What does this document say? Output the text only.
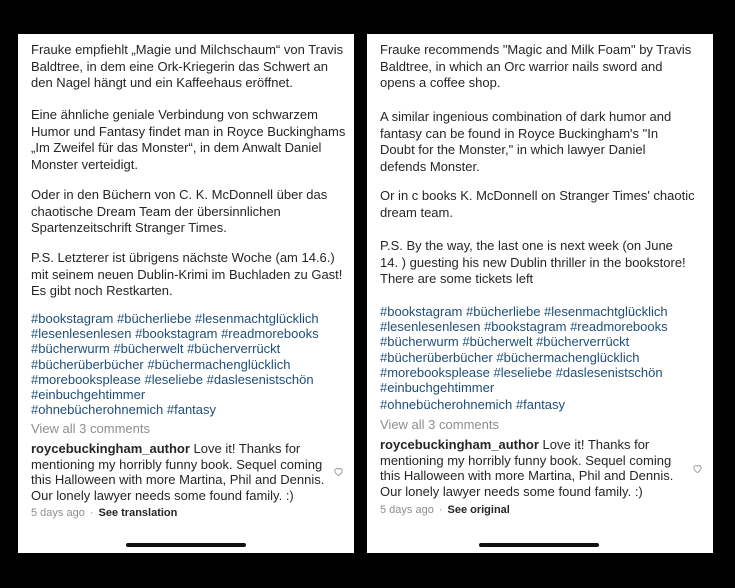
Frauke empfiehlt „Magie und Milchschaum“ von Travis
Baldtree, in dem eine Ork-Kriegerin das Schwert an
den Nagel hängt und ein Kaffeehaus eröffnet.
Eine ähnliche geniale Verbindung von schwarzem
Humor und Fantasy findet man in Royce Buckinghams
„Im Zweifel für das Monster“, in dem Anwalt Daniel
Monster verteidigt.
Oder in den Büchern von C. K. McDonnell über das
chaotische Dream Team der übersinnlichen
Spartenzeitschrift Stranger Times.
P.S. Letzterer ist übrigens nächste Woche (am 14.6.)
mit seinem neuen Dublin-Krimi im Buchladen zu Gast!
Es gibt noch Restkarten.
#bookstagram #bücherliebe #lesenmachtglücklich
#lesenlesenlesen #bookstagram #readmorebooks
#bücherwurm #bücherwelt #bücherverrückt
#bücherüberbücher #büchermachenglücklich
#morebooksplease #leseliebe #daslesenistschön
#einbuchgehtimmer
#ohnebücherohnemich #fantasy
View all 3 comments
roycebuckingham_author Love it! Thanks for
mentioning my horribly funny book. Sequel coming
this Halloween with more Martina, Phil and Dennis.
Our lonely lawyer needs some found family. :)
5 days ago · See translation
Frauke recommends "Magic and Milk Foam" by Travis
Baldtree, in which an Orc warrior nails sword and
opens a coffee shop.
A similar ingenious combination of dark humor and
fantasy can be found in Royce Buckingham's "In
Doubt for the Monster," in which lawyer Daniel
defends Monster.
Or in c books K. McDonnell on Stranger Times' chaotic
dream team.
P.S. By the way, the last one is next week (on June
14. ) guesting his new Dublin thriller in the bookstore!
There are some tickets left
#bookstagram #bücherliebe #lesenmachtglücklich
#lesenlesenlesen #bookstagram #readmorebooks
#bücherwurm #bücherwelt #bücherverrückt
#bücherüberbücher #büchermachenglücklich
#morebooksplease #leseliebe #daslesenistschön
#einbuchgehtimmer
#ohnebücherohnemich #fantasy
View all 3 comments
roycebuckingham_author Love it! Thanks for
mentioning my horribly funny book. Sequel coming
this Halloween with more Martina, Phil and Dennis.
Our lonely lawyer needs some found family. :)
5 days ago · See original
